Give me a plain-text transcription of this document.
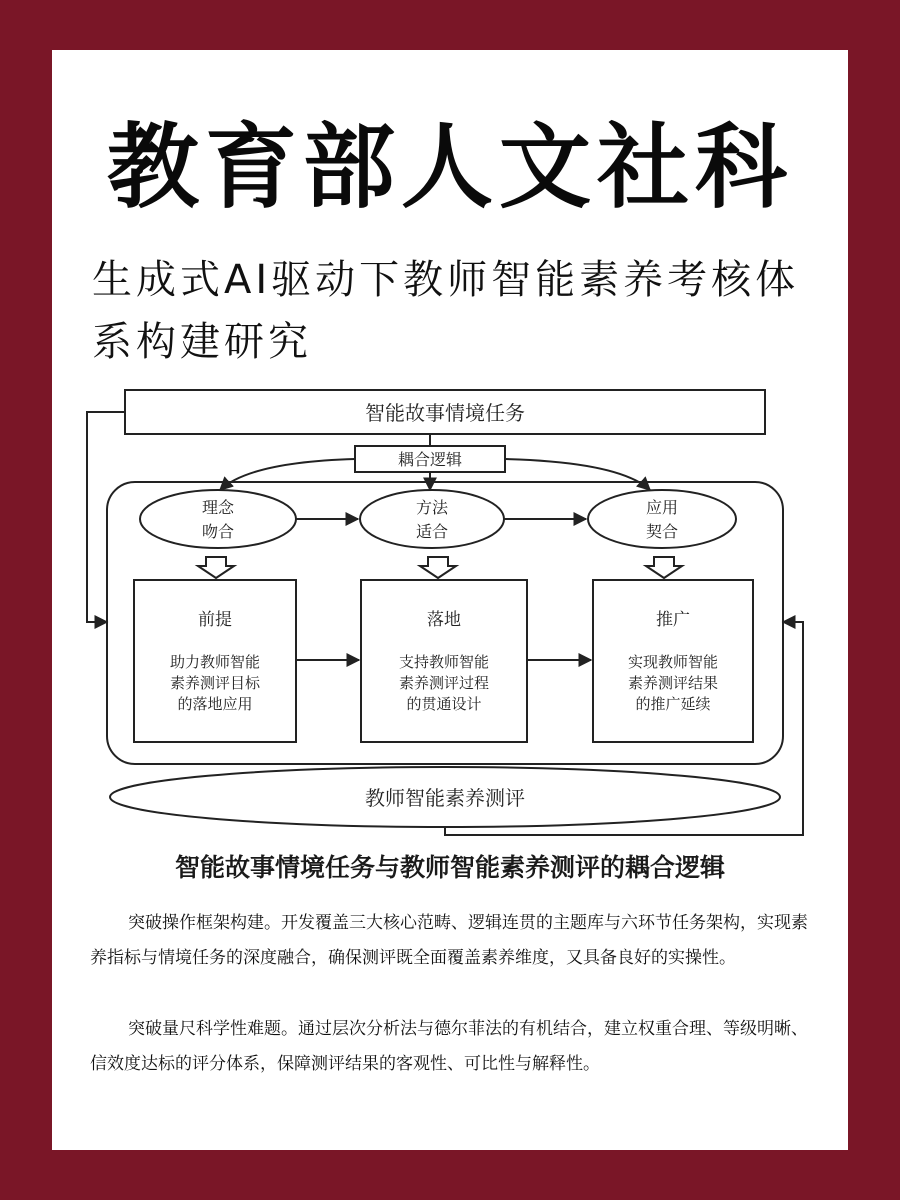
教育部人文社科
生成式AI驱动下教师智能素养考核体
系构建研究
智能故事情境任务
耦合逻辑
理念
吻合
方法
适合
应用
契合
前提
助力教师智能
素养测评目标
的落地应用
落地
支持教师智能
素养测评过程
的贯通设计
推广
实现教师智能
素养测评结果
的推广延续
教师智能素养测评
智能故事情境任务与教师智能素养测评的耦合逻辑
突破操作框架构建。开发覆盖三大核心范畴、逻辑连贯的主题库与六环节任务架构，实现素养指标与情境任务的深度融合，确保测评既全面覆盖素养维度，又具备良好的实操性。
突破量尺科学性难题。通过层次分析法与德尔菲法的有机结合，建立权重合理、等级明晰、信效度达标的评分体系，保障测评结果的客观性、可比性与解释性。
